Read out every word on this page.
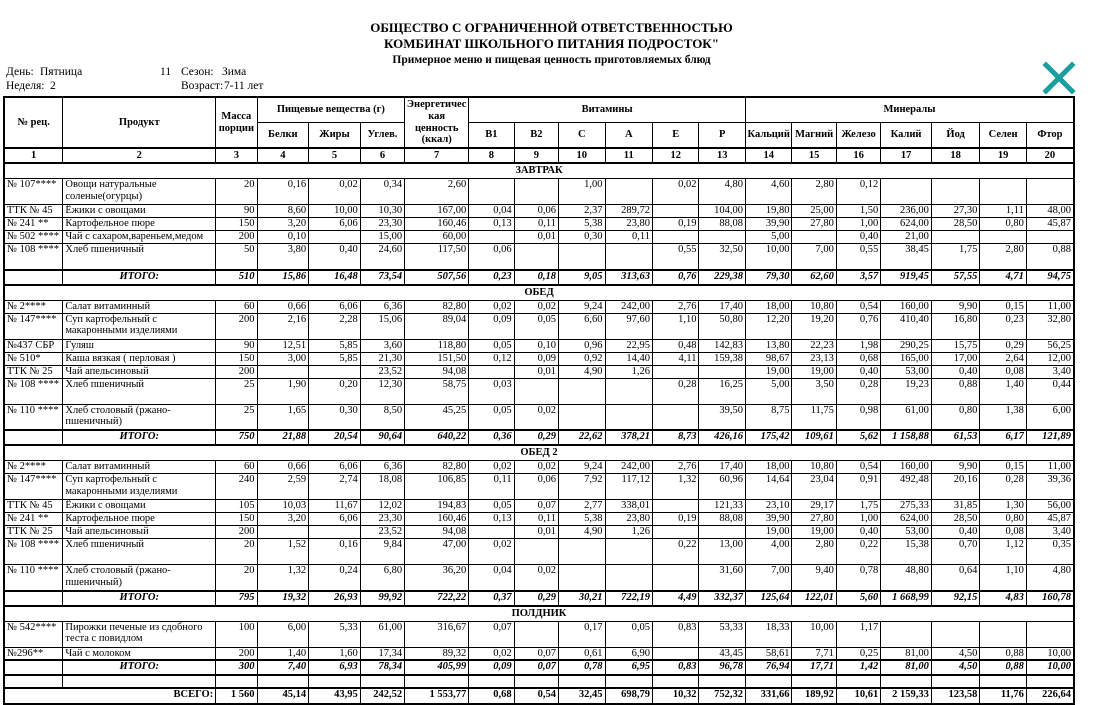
ОБЩЕСТВО С ОГРАНИЧЕННОЙ ОТВЕТСТВЕННОСТЬЮ
КОМБИНАТ ШКОЛЬНОГО ПИТАНИЯ ПОДРОСТОК"
Примерное меню и пищевая ценность приготовляемых блюд
День: Пятница	11 Сезон: Зима
Неделя: 2	Возраст: 7-11 лет
№ рец.	Продукт	Масса порции	Пищевые вещества (г)			Энергетичес кая ценность (ккал)	Витамины						Минералы						
			Белки	Жиры	Углев.		В1	В2	С	А	Е	Р	Кальций	Магний	Железо	Калий	Йод	Селен	Фтор
1	2	3	4	5	6	7	8	9	10	11	12	13	14	15	16	17	18	19	20
ЗАВТРАК																			
№ 107****	Овощи натуральные соленые(огурцы)	20	0,16	0,02	0,34	2,60			1,00		0,02	4,80	4,60	2,80	0,12				
ТТК № 45	Ёжики с овощами	90	8,60	10,00	10,30	167,00	0,04	0,06	2,37	289,72		104,00	19,80	25,00	1,50	236,00	27,30	1,11	48,00
№ 241 **	Картофельное пюре	150	3,20	6,06	23,30	160,46	0,13	0,11	5,38	23,80	0,19	88,08	39,90	27,80	1,00	624,00	28,50	0,80	45,87
№ 502 ****	Чай с сахаром,вареньем,медом	200	0,10		15,00	60,00		0,01	0,30	0,11			5,00		0,40	21,00			
№ 108 ****	Хлеб пшеничный	50	3,80	0,40	24,60	117,50	0,06				0,55	32,50	10,00	7,00	0,55	38,45	1,75	2,80	0,88
	ИТОГО:	510	15,86	16,48	73,54	507,56	0,23	0,18	9,05	313,63	0,76	229,38	79,30	62,60	3,57	919,45	57,55	4,71	94,75
ОБЕД																			
№ 2****	Салат витаминный	60	0,66	6,06	6,36	82,80	0,02	0,02	9,24	242,00	2,76	17,40	18,00	10,80	0,54	160,00	9,90	0,15	11,00
№ 147****	Суп картофельный с макаронными изделиями	200	2,16	2,28	15,06	89,04	0,09	0,05	6,60	97,60	1,10	50,80	12,20	19,20	0,76	410,40	16,80	0,23	32,80
№437 СБР	Гуляш	90	12,51	5,85	3,60	118,80	0,05	0,10	0,96	22,95	0,48	142,83	13,80	22,23	1,98	290,25	15,75	0,29	56,25
№ 510*	Каша вязкая ( перловая )	150	3,00	5,85	21,30	151,50	0,12	0,09	0,92	14,40	4,11	159,38	98,67	23,13	0,68	165,00	17,00	2,64	12,00
ТТК № 25	Чай апельсиновый	200			23,52	94,08		0,01	4,90	1,26			19,00	19,00	0,40	53,00	0,40	0,08	3,40
№ 108 ****	Хлеб пшеничный	25	1,90	0,20	12,30	58,75	0,03				0,28	16,25	5,00	3,50	0,28	19,23	0,88	1,40	0,44
№ 110 ****	Хлеб столовый (ржано-пшеничный)	25	1,65	0,30	8,50	45,25	0,05	0,02				39,50	8,75	11,75	0,98	61,00	0,80	1,38	6,00
	ИТОГО:	750	21,88	20,54	90,64	640,22	0,36	0,29	22,62	378,21	8,73	426,16	175,42	109,61	5,62	1 158,88	61,53	6,17	121,89
ОБЕД 2																			
№ 2****	Салат витаминный	60	0,66	6,06	6,36	82,80	0,02	0,02	9,24	242,00	2,76	17,40	18,00	10,80	0,54	160,00	9,90	0,15	11,00
№ 147****	Суп картофельный с макаронными изделиями	240	2,59	2,74	18,08	106,85	0,11	0,06	7,92	117,12	1,32	60,96	14,64	23,04	0,91	492,48	20,16	0,28	39,36
ТТК № 45	Ёжики с овощами	105	10,03	11,67	12,02	194,83	0,05	0,07	2,77	338,01		121,33	23,10	29,17	1,75	275,33	31,85	1,30	56,00
№ 241 **	Картофельное пюре	150	3,20	6,06	23,30	160,46	0,13	0,11	5,38	23,80	0,19	88,08	39,90	27,80	1,00	624,00	28,50	0,80	45,87
ТТК № 25	Чай апельсиновый	200			23,52	94,08		0,01	4,90	1,26			19,00	19,00	0,40	53,00	0,40	0,08	3,40
№ 108 ****	Хлеб пшеничный	20	1,52	0,16	9,84	47,00	0,02				0,22	13,00	4,00	2,80	0,22	15,38	0,70	1,12	0,35
№ 110 ****	Хлеб столовый (ржано-пшеничный)	20	1,32	0,24	6,80	36,20	0,04	0,02				31,60	7,00	9,40	0,78	48,80	0,64	1,10	4,80
	ИТОГО:	795	19,32	26,93	99,92	722,22	0,37	0,29	30,21	722,19	4,49	332,37	125,64	122,01	5,60	1 668,99	92,15	4,83	160,78
ПОЛДНИК																			
№ 542****	Пирожки печеные из сдобного теста с повидлом	100	6,00	5,33	61,00	316,67	0,07		0,17	0,05	0,83	53,33	18,33	10,00	1,17				
№296**	Чай с молоком	200	1,40	1,60	17,34	89,32	0,02	0,07	0,61	6,90		43,45	58,61	7,71	0,25	81,00	4,50	0,88	10,00
	ИТОГО:	300	7,40	6,93	78,34	405,99	0,09	0,07	0,78	6,95	0,83	96,78	76,94	17,71	1,42	81,00	4,50	0,88	10,00

ВСЕГО:		1 560	45,14	43,95	242,52	1 553,77	0,68	0,54	32,45	698,79	10,32	752,32	331,66	189,92	10,61	2 159,33	123,58	11,76	226,64
